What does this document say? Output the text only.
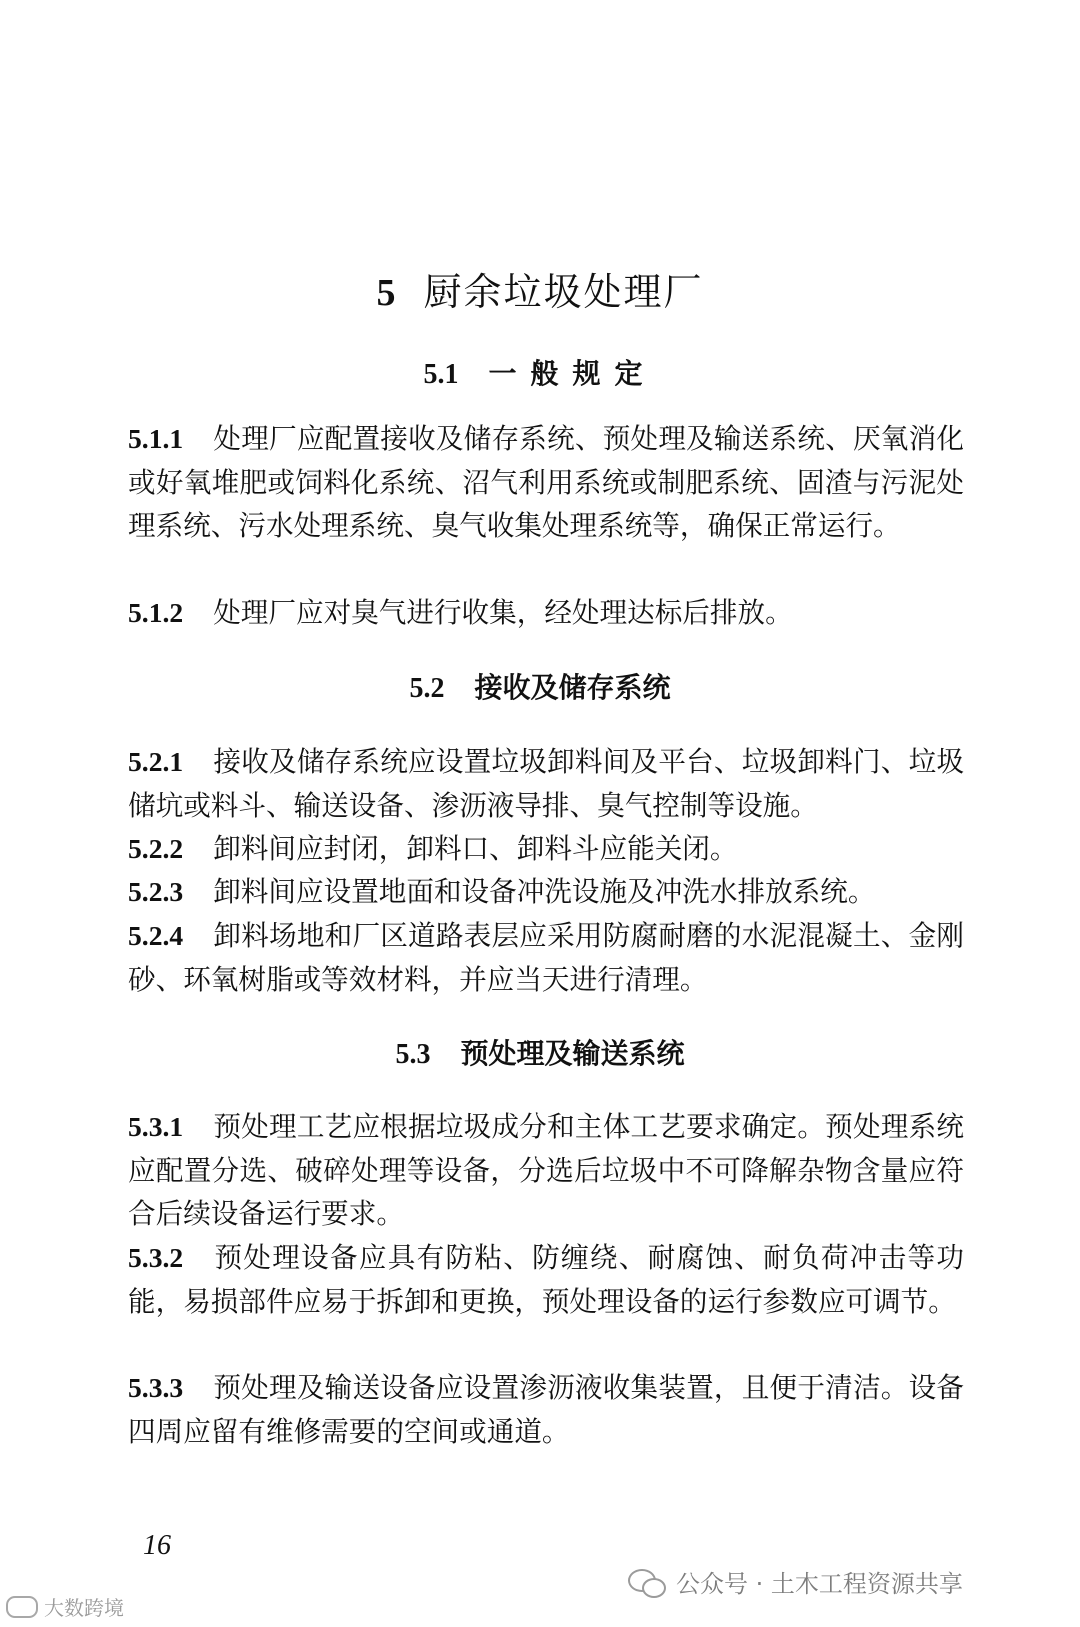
5 厨余垃圾处理厂
5.1 一般规定

5.1.1 处理厂应配置接收及储存系统、预处理及输送系统、厌氧消化或好氧堆肥或饲料化系统、沼气利用系统或制肥系统、固渣与污泥处理系统、污水处理系统、臭气收集处理系统等，确保正常运行。

5.1.2 处理厂应对臭气进行收集，经处理达标后排放。

5.2 接收及储存系统

5.2.1 接收及储存系统应设置垃圾卸料间及平台、垃圾卸料门、垃圾储坑或料斗、输送设备、渗沥液导排、臭气控制等设施。

5.2.2 卸料间应封闭，卸料口、卸料斗应能关闭。

5.2.3 卸料间应设置地面和设备冲洗设施及冲洗水排放系统。

5.2.4 卸料场地和厂区道路表层应采用防腐耐磨的水泥混凝土、金刚砂、环氧树脂或等效材料，并应当天进行清理。

5.3 预处理及输送系统

5.3.1 预处理工艺应根据垃圾成分和主体工艺要求确定。预处理系统应配置分选、破碎处理等设备，分选后垃圾中不可降解杂物含量应符合后续设备运行要求。

5.3.2 预处理设备应具有防粘、防缠绕、耐腐蚀、耐负荷冲击等功能，易损部件应易于拆卸和更换，预处理设备的运行参数应可调节。

5.3.3 预处理及输送设备应设置渗沥液收集装置，且便于清洁。设备四周应留有维修需要的空间或通道。

16
公众号 · 土木工程资源共享
大数跨境
